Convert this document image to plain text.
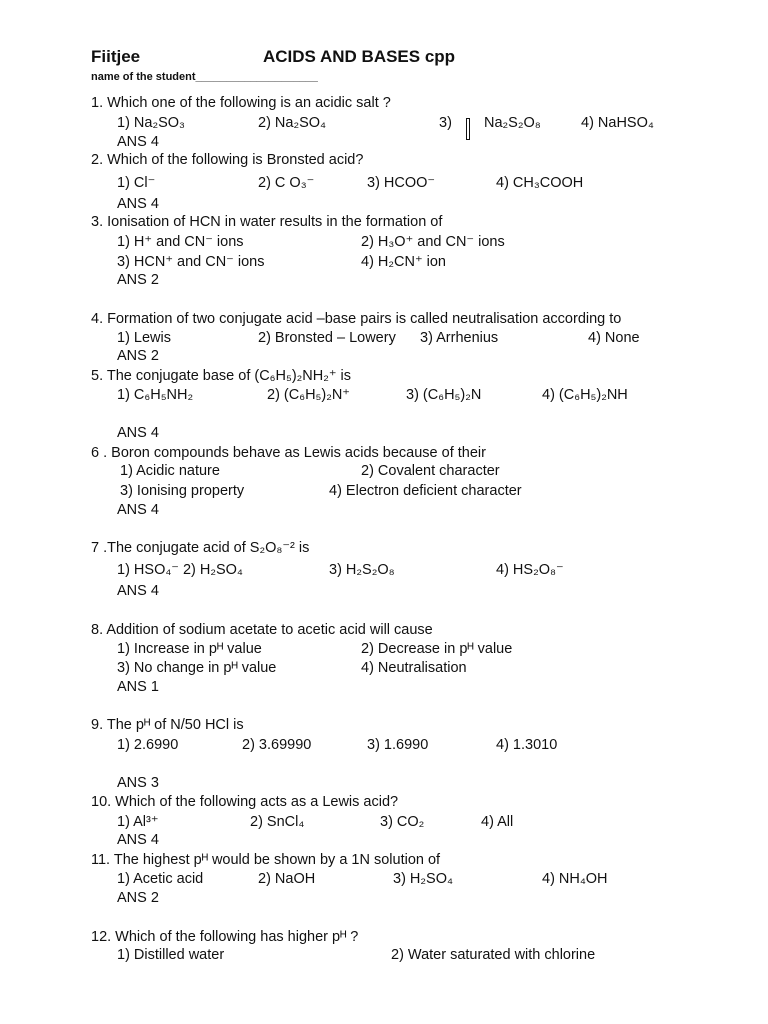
Fiitjee	ACIDS AND BASES cpp
name of the student____________________
1. Which one of the following is an acidic salt ?
1) Na₂SO₃	2) Na₂SO₄	3) Na₂S₂O₈	4) NaHSO₄
ANS 4
2. Which of the following is Bronsted acid?
1) Cl⁻	2) C O₃⁻	3) HCOO⁻	4) CH₃COOH
ANS 4
3. Ionisation of HCN in water results in the formation of
1) H⁺ and CN⁻ ions	2) H₃O⁺ and CN⁻ ions
3) HCN⁺ and CN⁻ ions	4) H₂CN⁺ ion
ANS 2
4. Formation of two conjugate acid –base pairs is called neutralisation according to
1) Lewis	2) Bronsted – Lowery 3) Arrhenius	4) None
ANS 2
5. The conjugate base of (C₆H₅)₂NH₂⁺ is
1) C₆H₅NH₂	2) (C₆H₅)₂N⁺	3) (C₆H₅)₂N	4) (C₆H₅)₂NH
ANS 4
6 . Boron compounds behave as Lewis acids because of their
1) Acidic nature	2) Covalent character
3) Ionising property	4) Electron deficient character
ANS 4
7 .The conjugate acid of S₂O₈⁻² is
1) HSO₄⁻ 2) H₂SO₄	3) H₂S₂O₈	4) HS₂O₈⁻
ANS 4
8. Addition of sodium acetate to acetic acid will cause
1) Increase in pᴴ value	2) Decrease in pᴴ value
3) No change in pᴴ value	4) Neutralisation
ANS 1
9. The pᴴ of N/50 HCl is
1) 2.6990	2) 3.69990	3) 1.6990	4) 1.3010
ANS 3
10. Which of the following acts as a Lewis acid?
1) Al³⁺	2) SnCl₄	3) CO₂	4) All
ANS 4
11. The highest pᴴ would be shown by a 1N solution of
1) Acetic acid	2) NaOH	3) H₂SO₄	4) NH₄OH
ANS 2
12. Which of the following has higher pᴴ ?
1) Distilled water	2) Water saturated with chlorine
